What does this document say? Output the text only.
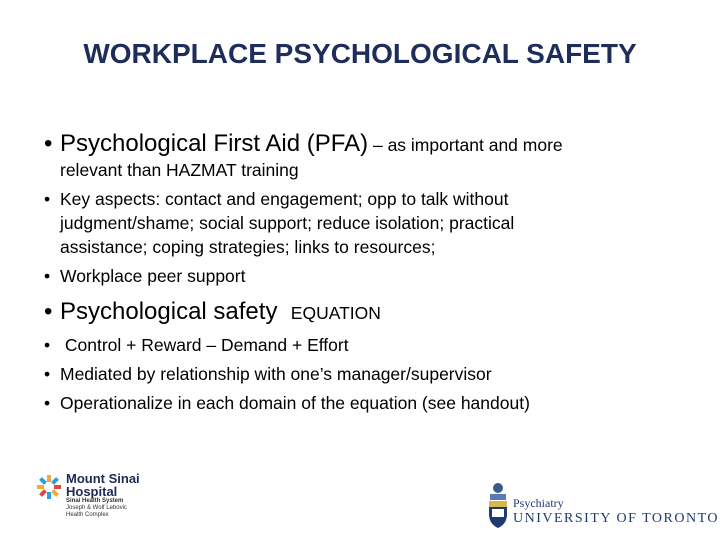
WORKPLACE PSYCHOLOGICAL SAFETY
• Psychological First Aid (PFA) – as important and more
relevant than HAZMAT training
• Key aspects: contact and engagement; opp to talk without
judgment/shame; social support; reduce isolation; practical
assistance; coping strategies; links to resources;
• Workplace peer support
• Psychological safety EQUATION
• Control + Reward – Demand + Effort
• Mediated by relationship with one’s manager/supervisor
• Operationalize in each domain of the equation (see handout)
Mount Sinai
Hospital
Sinai Health System
Joseph & Wolf Lebovic
Health Complex
Psychiatry
UNIVERSITY OF TORONTO
